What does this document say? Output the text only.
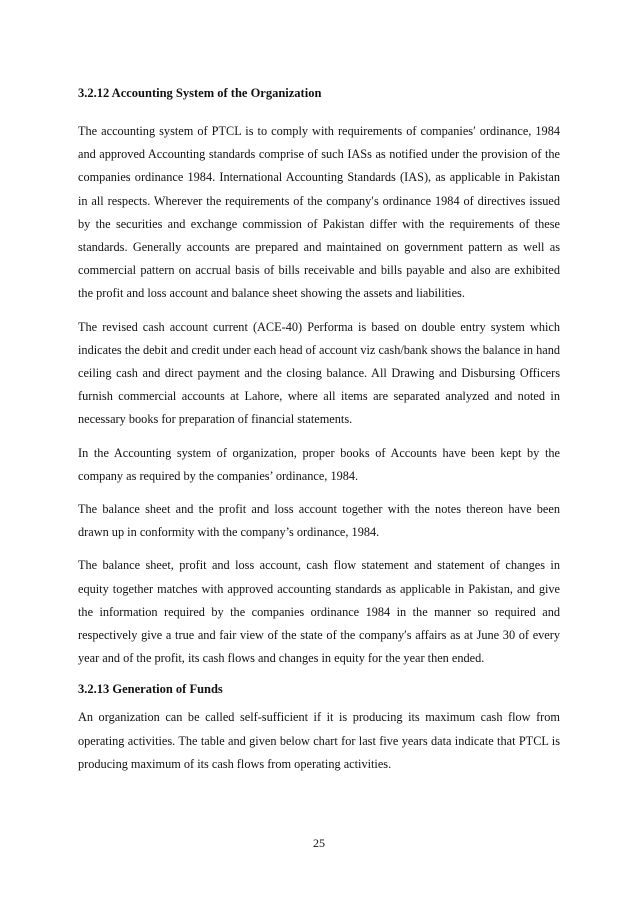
3.2.12 Accounting System of the Organization

The accounting system of PTCL is to comply with requirements of companies′ ordinance, 1984 and approved Accounting standards comprise of such IASs as notified under the provision of the companies ordinance 1984. International Accounting Standards (IAS), as applicable in Pakistan in all respects. Wherever the requirements of the company′s ordinance 1984 of directives issued by the securities and exchange commission of Pakistan differ with the requirements of these standards. Generally accounts are prepared and maintained on government pattern as well as commercial pattern on accrual basis of bills receivable and bills payable and also are exhibited the profit and loss account and balance sheet showing the assets and liabilities.

The revised cash account current (ACE-40) Performa is based on double entry system which indicates the debit and credit under each head of account viz cash/bank shows the balance in hand ceiling cash and direct payment and the closing balance. All Drawing and Disbursing Officers furnish commercial accounts at Lahore, where all items are separated analyzed and noted in necessary books for preparation of financial statements.

In the Accounting system of organization, proper books of Accounts have been kept by the company as required by the companies’ ordinance, 1984.

The balance sheet and the profit and loss account together with the notes thereon have been drawn up in conformity with the company’s ordinance, 1984.

The balance sheet, profit and loss account, cash flow statement and statement of changes in equity together matches with approved accounting standards as applicable in Pakistan, and give the information required by the companies ordinance 1984 in the manner so required and respectively give a true and fair view of the state of the company′s affairs as at June 30 of every year and of the profit, its cash flows and changes in equity for the year then ended.

3.2.13 Generation of Funds

An organization can be called self-sufficient if it is producing its maximum cash flow from operating activities. The table and given below chart for last five years data indicate that PTCL is producing maximum of its cash flows from operating activities.

25
